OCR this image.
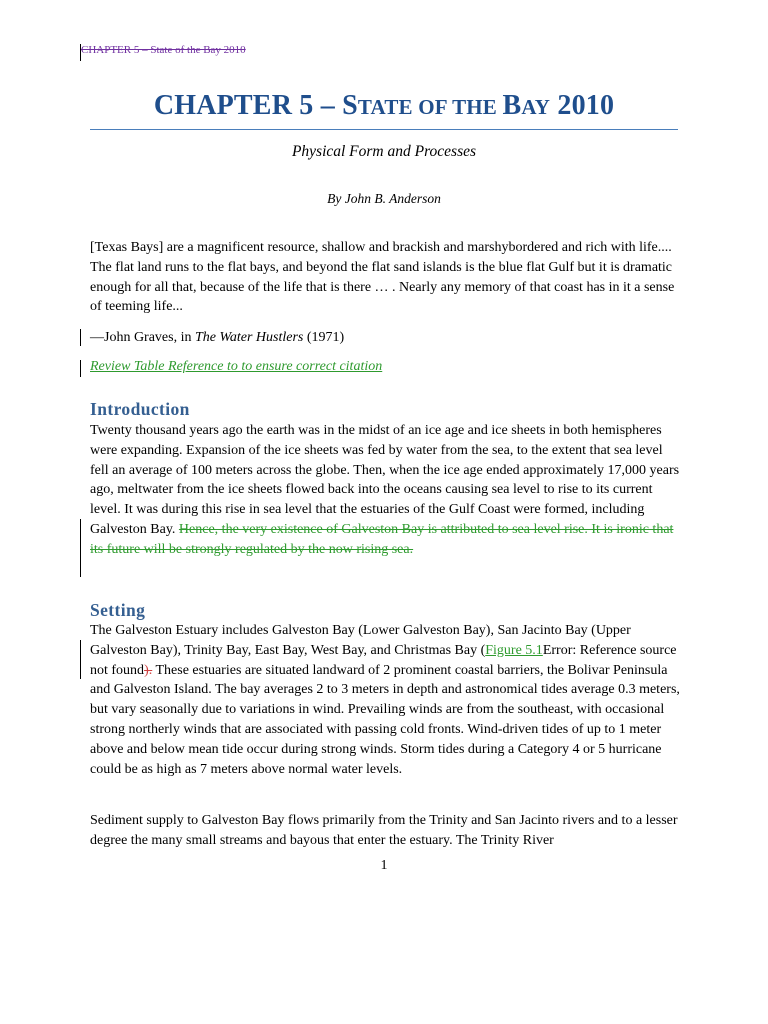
CHAPTER 5 – State of the Bay 2010
CHAPTER 5 – STATE OF THE BAY 2010
Physical Form and Processes
By John B. Anderson

[Texas Bays] are a magnificent resource, shallow and brackish and marshybordered and rich with life.... The flat land runs to the flat bays, and beyond the flat sand islands is the blue flat Gulf but it is dramatic enough for all that, because of the life that is there … . Nearly any memory of that coast has in it a sense of teeming life...

—John Graves, in The Water Hustlers (1971)

Review Table Reference to to ensure correct citation
Introduction

Twenty thousand years ago the earth was in the midst of an ice age and ice sheets in both hemispheres were expanding. Expansion of the ice sheets was fed by water from the sea, to the extent that sea level fell an average of 100 meters across the globe. Then, when the ice age ended approximately 17,000 years ago, meltwater from the ice sheets flowed back into the oceans causing sea level to rise to its current level. It was during this rise in sea level that the estuaries of the Gulf Coast were formed, including Galveston Bay. Hence, the very existence of Galveston Bay is attributed to sea level rise. It is ironic that its future will be strongly regulated by the now rising sea.

Setting

The Galveston Estuary includes Galveston Bay (Lower Galveston Bay), San Jacinto Bay (Upper Galveston Bay), Trinity Bay, East Bay, West Bay, and Christmas Bay (Figure 5.1Error: Reference source not found). These estuaries are situated landward of 2 prominent coastal barriers, the Bolivar Peninsula and Galveston Island. The bay averages 2 to 3 meters in depth and astronomical tides average 0.3 meters, but vary seasonally due to variations in wind. Prevailing winds are from the southeast, with occasional strong northerly winds that are associated with passing cold fronts. Wind-driven tides of up to 1 meter above and below mean tide occur during strong winds. Storm tides during a Category 4 or 5 hurricane could be as high as 7 meters above normal water levels.

Sediment supply to Galveston Bay flows primarily from the Trinity and San Jacinto rivers and to a lesser degree the many small streams and bayous that enter the estuary. The Trinity River

1
